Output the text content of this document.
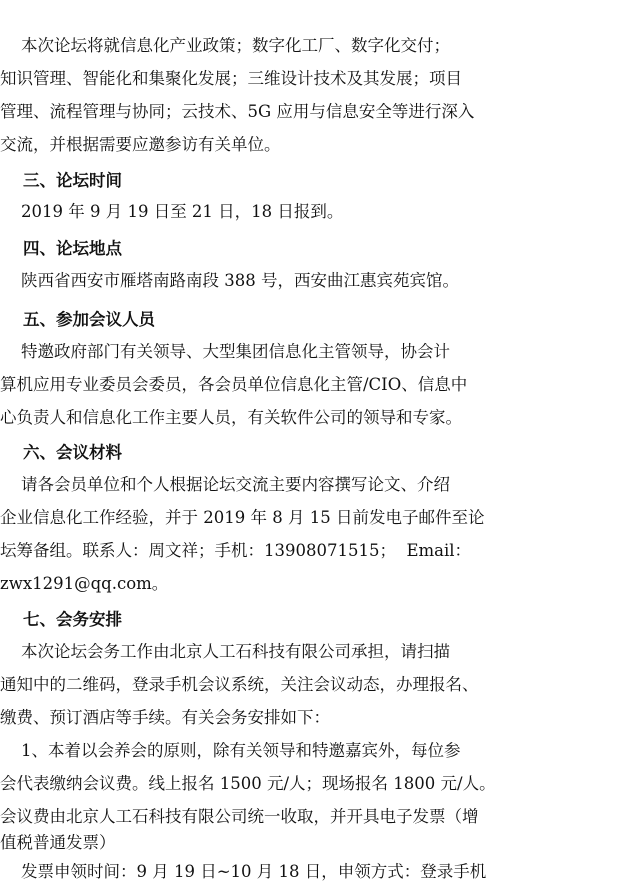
本次论坛将就信息化产业政策；数字化工厂、数字化交付；
知识管理、智能化和集聚化发展；三维设计技术及其发展；项目
管理、流程管理与协同；云技术、5G 应用与信息安全等进行深入
交流，并根据需要应邀参访有关单位。
三、论坛时间
2019 年 9 月 19 日至 21 日，18 日报到。
四、论坛地点
陕西省西安市雁塔南路南段 388 号，西安曲江惠宾苑宾馆。
五、参加会议人员
特邀政府部门有关领导、大型集团信息化主管领导，协会计
算机应用专业委员会委员，各会员单位信息化主管/CIO、信息中
心负责人和信息化工作主要人员，有关软件公司的领导和专家。
六、会议材料
请各会员单位和个人根据论坛交流主要内容撰写论文、介绍
企业信息化工作经验，并于 2019 年 8 月 15 日前发电子邮件至论
坛筹备组。联系人：周文祥；手机：13908071515；  Email：
zwx1291@qq.com。
七、会务安排
本次论坛会务工作由北京人工石科技有限公司承担，请扫描
通知中的二维码，登录手机会议系统，关注会议动态，办理报名、
缴费、预订酒店等手续。有关会务安排如下：
1、本着以会养会的原则，除有关领导和特邀嘉宾外，每位参
会代表缴纳会议费。线上报名 1500 元/人；现场报名 1800 元/人。
会议费由北京人工石科技有限公司统一收取，并开具电子发票（增
值税普通发票）
发票申领时间：9 月 19 日~10 月 18 日，申领方式：登录手机
